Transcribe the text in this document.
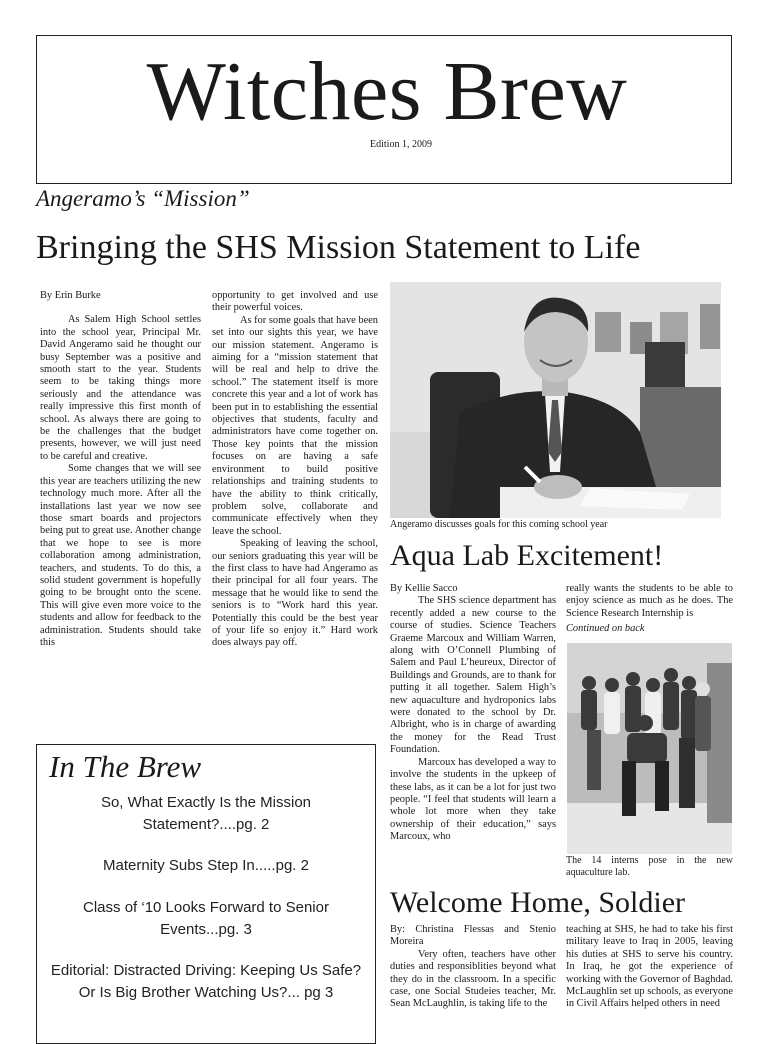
Witches Brew
Edition 1, 2009
Angeramo’s “Mission”
Bringing the SHS Mission Statement to Life

By Erin Burke

As Salem High School settles into the school year, Principal Mr. David Angeramo said he thought our busy September was a positive and smooth start to the year. Students seem to be taking things more seriously and the attendance was really impressive this first month of school. As always there are going to be the challenges that the budget presents, however, we will just need to be careful and creative.

Some changes that we will see this year are teachers utilizing the new technology much more. After all the installations last year we now see those smart boards and projectors being put to great use. Another change that we hope to see is more collaboration among administration, teachers, and students. To do this, a solid student government is hopefully going to be brought onto the scene. This will give even more voice to the students and allow for feedback to the administration. Students should take this

opportunity to get involved and use their powerful voices.

As for some goals that have been set into our sights this year, we have our mission statement. Angeramo is aiming for a “mission statement that will be real and help to drive the school.” The statement itself is more concrete this year and a lot of work has been put in to establishing the essential objectives that students, faculty and administrators have come together on. Those key points that the mission focuses on are having a safe environment to build positive relationships and training students to have the ability to think critically, problem solve, collaborate and communicate effectively when they leave the school.

Speaking of leaving the school, our seniors graduating this year will be the first class to have had Angeramo as their principal for all four years. The message that he would like to send the seniors is to “Work hard this year. Potentially this could be the best year of your life so enjoy it.” Hard work does always pay off.

Angeramo discusses goals for this coming school year
Aqua Lab Excitement!

By Kellie Sacco

The SHS science department has recently added a new course to the course of studies. Science Teachers Graeme Marcoux and William Warren, along with O’Connell Plumbing of Salem and Paul L’heureux, Director of Buildings and Grounds, are to thank for putting it all together. Salem High’s new aquaculture and hydroponics labs were donated to the school by Dr. Albright, who is in charge of awarding the money for the Read Trust Foundation.

Marcoux has developed a way to involve the students in the upkeep of these labs, as it can be a lot for just two people. “I feel that students will learn a whole lot more when they take ownership of their education,” says Marcoux, who

really wants the students to be able to enjoy science as much as he does. The Science Research Internship is

Continued on back

The 14 interns pose in the new aquaculture lab.
Welcome Home, Soldier

By: Christina Flessas and Stenio Moreira

Very often, teachers have other duties and responsiblities beyond what they do in the classroom. In a specific case, one Social Studeies teacher, Mr. Sean McLaughlin, is taking life to the

teaching at SHS, he had to take his first military leave to Iraq in 2005, leaving his duties at SHS to serve his country. In Iraq, he got the experience of working with the Governor of Baghdad. McLaughlin set up schools, as everyone in Civil Affairs helped others in need

In The Brew
So, What Exactly Is the Mission Statement?....pg. 2
Maternity Subs Step In.....pg. 2
Class of ‘10 Looks Forward to Senior Events...pg. 3
Editorial: Distracted Driving: Keeping Us Safe? Or Is Big Brother Watching Us?... pg 3
